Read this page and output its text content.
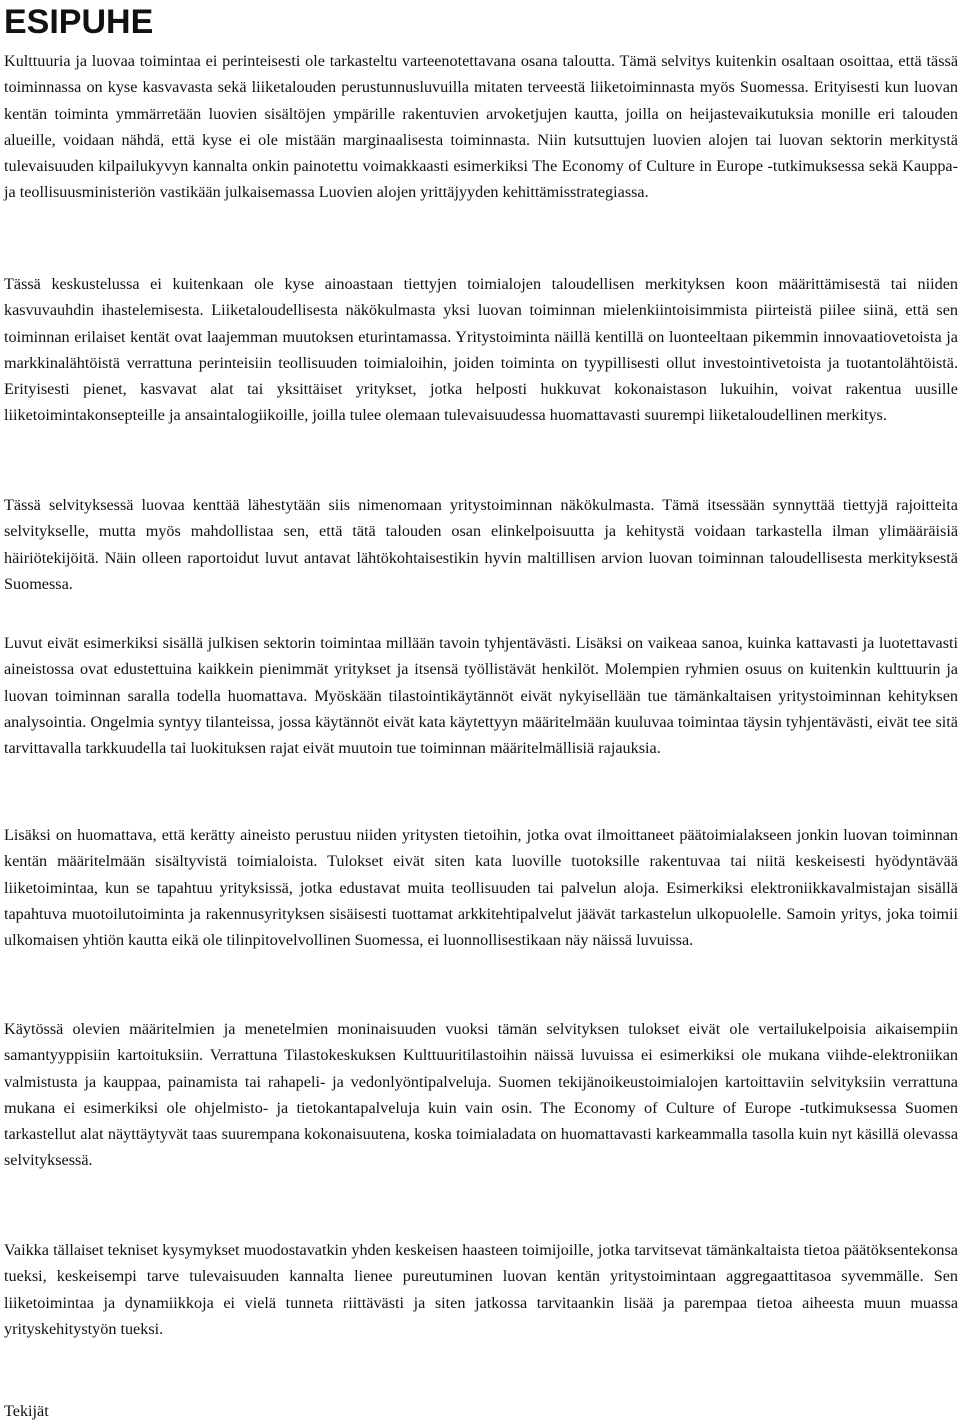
ESIPUHE

Kulttuuria ja luovaa toimintaa ei perinteisesti ole tarkasteltu varteenotettavana osana taloutta. Tämä selvitys kuitenkin osaltaan osoittaa, että tässä toiminnassa on kyse kasvavasta sekä liiketalouden perustunnusluvuilla mitaten terveestä liiketoiminnasta myös Suomessa. Erityisesti kun luovan kentän toiminta ymmärretään luovien sisältöjen ympärille rakentuvien arvoketjujen kautta, joilla on heijastevaikutuksia monille eri talouden alueille, voidaan nähdä, että kyse ei ole mistään marginaalisesta toiminnasta. Niin kutsuttujen luovien alojen tai luovan sektorin merkitystä tulevaisuuden kilpailukyvyn kannalta onkin painotettu voimakkaasti esimerkiksi The Economy of Culture in Europe -tutkimuksessa sekä Kauppa- ja teollisuusministeriön vastikään julkaisemassa Luovien alojen yrittäjyyden kehittämisstrategiassa.

Tässä keskustelussa ei kuitenkaan ole kyse ainoastaan tiettyjen toimialojen taloudellisen merkityksen koon määrittämisestä tai niiden kasvuvauhdin ihastelemisesta. Liiketaloudellisesta näkökulmasta yksi luovan toiminnan mielenkiintoisimmista piirteistä piilee siinä, että sen toiminnan erilaiset kentät ovat laajemman muutoksen eturintamassa. Yritystoiminta näillä kentillä on luonteeltaan pikemmin innovaatiovetoista ja markkinalähtöistä verrattuna perinteisiin teollisuuden toimialoihin, joiden toiminta on tyypillisesti ollut investointivetoista ja tuotantolähtöistä. Erityisesti pienet, kasvavat alat tai yksittäiset yritykset, jotka helposti hukkuvat kokonaistason lukuihin, voivat rakentua uusille liiketoimintakonsepteille ja ansaintalogiikoille, joilla tulee olemaan tulevaisuudessa huomattavasti suurempi liiketaloudellinen merkitys.

Tässä selvityksessä luovaa kenttää lähestytään siis nimenomaan yritystoiminnan näkökulmasta. Tämä itsessään synnyttää tiettyjä rajoitteita selvitykselle, mutta myös mahdollistaa sen, että tätä talouden osan elinkelpoisuutta ja kehitystä voidaan tarkastella ilman ylimääräisiä häiriötekijöitä. Näin olleen raportoidut luvut antavat lähtökohtaisestikin hyvin maltillisen arvion luovan toiminnan taloudellisesta merkityksestä Suomessa.

Luvut eivät esimerkiksi sisällä julkisen sektorin toimintaa millään tavoin tyhjentävästi. Lisäksi on vaikeaa sanoa, kuinka kattavasti ja luotettavasti aineistossa ovat edustettuina kaikkein pienimmät yritykset ja itsensä työllistävät henkilöt. Molempien ryhmien osuus on kuitenkin kulttuurin ja luovan toiminnan saralla todella huomattava. Myöskään tilastointikäytännöt eivät nykyisellään tue tämänkaltaisen yritystoiminnan kehityksen analysointia. Ongelmia syntyy tilanteissa, jossa käytännöt eivät kata käytettyyn määritelmään kuuluvaa toimintaa täysin tyhjentävästi, eivät tee sitä tarvittavalla tarkkuudella tai luokituksen rajat eivät muutoin tue toiminnan määritelmällisiä rajauksia.

Lisäksi on huomattava, että kerätty aineisto perustuu niiden yritysten tietoihin, jotka ovat ilmoittaneet päätoimialakseen jonkin luovan toiminnan kentän määritelmään sisältyvistä toimialoista. Tulokset eivät siten kata luoville tuotoksille rakentuvaa tai niitä keskeisesti hyödyntävää liiketoimintaa, kun se tapahtuu yrityksissä, jotka edustavat muita teollisuuden tai palvelun aloja. Esimerkiksi elektroniikkavalmistajan sisällä tapahtuva muotoilutoiminta ja rakennusyrityksen sisäisesti tuottamat arkkitehtipalvelut jäävät tarkastelun ulkopuolelle. Samoin yritys, joka toimii ulkomaisen yhtiön kautta eikä ole tilinpitovelvollinen Suomessa, ei luonnollisestikaan näy näissä luvuissa.

Käytössä olevien määritelmien ja menetelmien moninaisuuden vuoksi tämän selvityksen tulokset eivät ole vertailukelpoisia aikaisempiin samantyyppisiin kartoituksiin. Verrattuna Tilastokeskuksen Kulttuuritilastoihin näissä luvuissa ei esimerkiksi ole mukana viihde-elektroniikan valmistusta ja kauppaa, painamista tai rahapeli- ja vedonlyöntipalveluja. Suomen tekijänoikeustoimialojen kartoittaviin selvityksiin verrattuna mukana ei esimerkiksi ole ohjelmisto- ja tietokantapalveluja kuin vain osin. The Economy of Culture of Europe -tutkimuksessa Suomen tarkastellut alat näyttäytyvät taas suurempana kokonaisuutena, koska toimialadata on huomattavasti karkeammalla tasolla kuin nyt käsillä olevassa selvityksessä.

Vaikka tällaiset tekniset kysymykset muodostavatkin yhden keskeisen haasteen toimijoille, jotka tarvitsevat tämänkaltaista tietoa päätöksentekonsa tueksi, keskeisempi tarve tulevaisuuden kannalta lienee pureutuminen luovan kentän yritystoimintaan aggregaattitasoa syvemmälle. Sen liiketoimintaa ja dynamiikkoja ei vielä tunneta riittävästi ja siten jatkossa tarvitaankin lisää ja parempaa tietoa aiheesta muun muassa yrityskehitystyön tueksi.

Tekijät
